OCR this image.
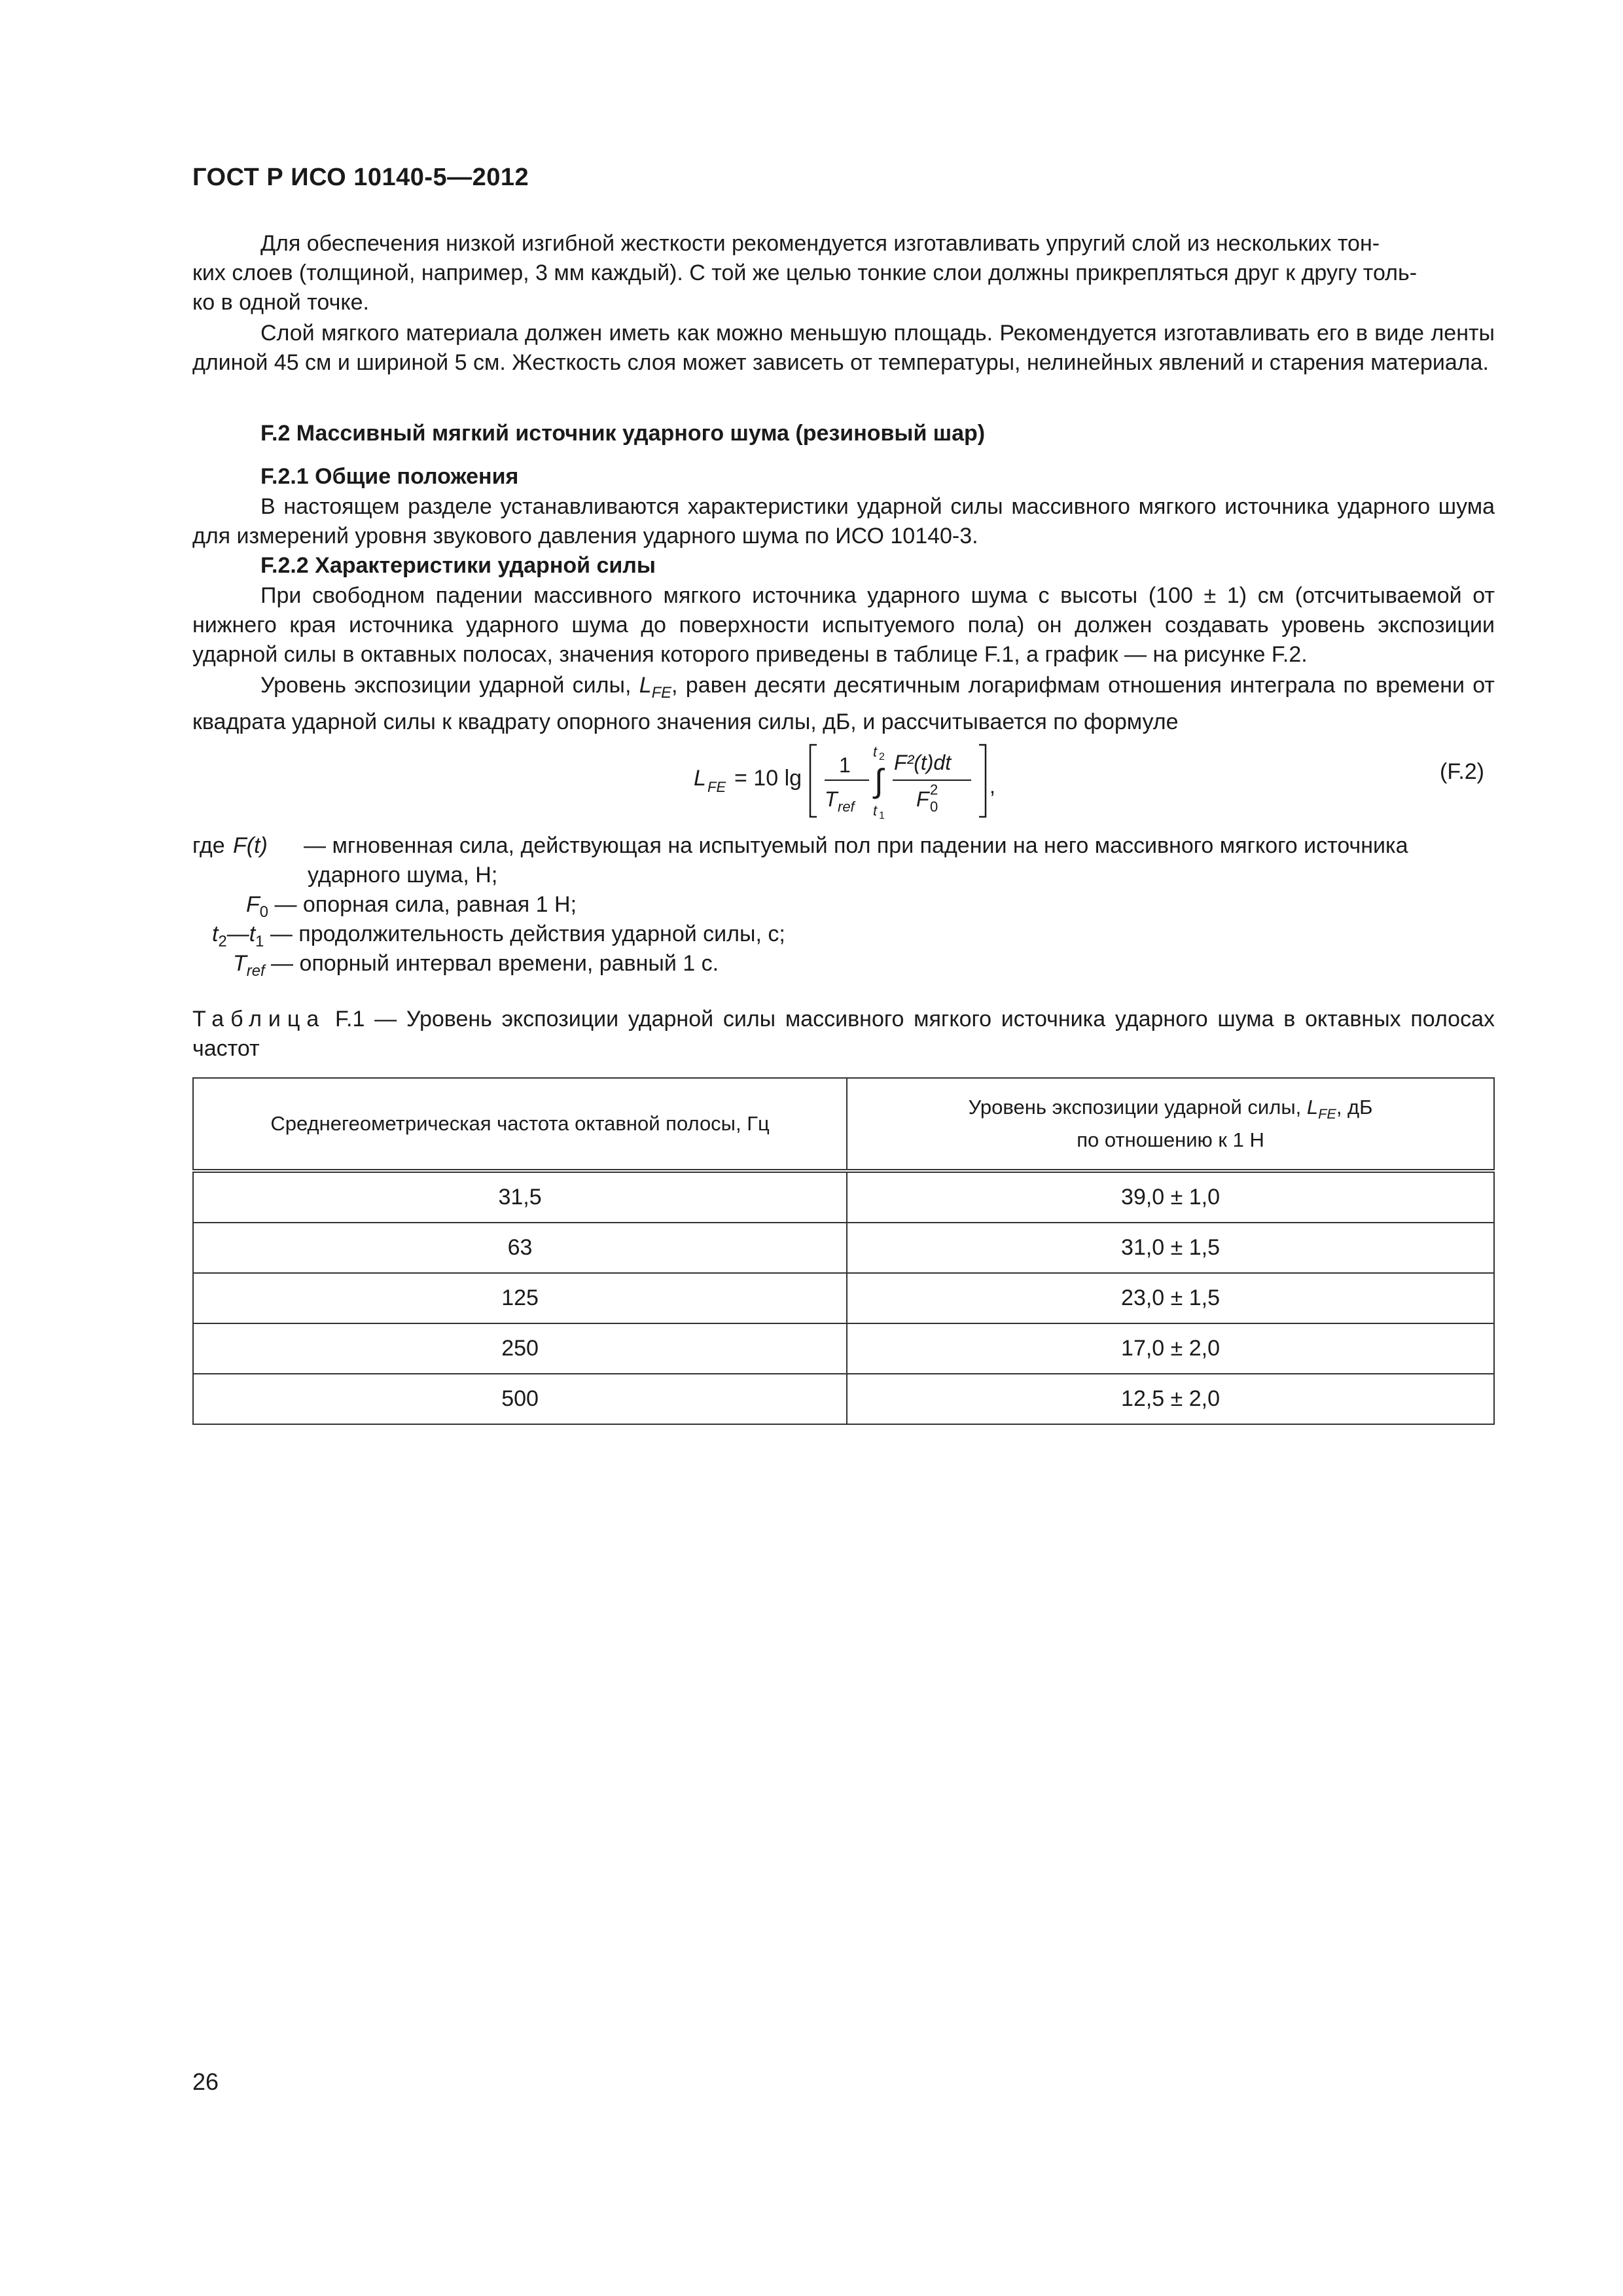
ГОСТ Р ИСО 10140-5—2012
Для обеспечения низкой изгибной жесткости рекомендуется изготавливать упругий слой из нескольких тон-
ких слоев (толщиной, например, 3 мм каждый). С той же целью тонкие слои должны прикрепляться друг к другу толь-
ко в одной точке.
Слой мягкого материала должен иметь как можно меньшую площадь. Рекомендуется изготавливать его в виде ленты длиной 45 см и шириной 5 см. Жесткость слоя может зависеть от температуры, нелинейных явлений и старения материала.
F.2 Массивный мягкий источник ударного шума (резиновый шар)
F.2.1 Общие положения
В настоящем разделе устанавливаются характеристики ударной силы массивного мягкого источника ударного шума для измерений уровня звукового давления ударного шума по ИСО 10140-3.
F.2.2 Характеристики ударной силы
При свободном падении массивного мягкого источника ударного шума с высоты (100 ± 1) см (отсчитываемой от нижнего края источника ударного шума до поверхности испытуемого пола) он должен создавать уровень экспозиции ударной силы в октавных полосах, значения которого приведены в таблице F.1, а график — на рисунке F.2.
Уровень экспозиции ударной силы, $L_{FE}$, равен десяти десятичным логарифмам отношения интеграла по времени от квадрата ударной силы к квадрату опорного значения силы, дБ, и рассчитывается по формуле
L FE = 10 lg
1
T ref
t 2
∫
t 1
F²(t)dt
F 0
2 ,
(F.2)
где F(t) — мгновенная сила, действующая на испытуемый пол при падении на него массивного мягкого источника
ударного шума, Н;
$F_0$ — опорная сила, равная 1 Н;
$t_2—t_1$ — продолжительность действия ударной силы, с;
$T_{ref}$ — опорный интервал времени, равный 1 с.
Таблица F.1 — Уровень экспозиции ударной силы массивного мягкого источника ударного шума в октавных полосах частот
Среднегеометрическая частота октавной полосы, Гц	Уровень экспозиции ударной силы, $L_{FE}$, дБ
по отношению к 1 Н
31,5	39,0 ± 1,0
63	31,0 ± 1,5
125	23,0 ± 1,5
250	17,0 ± 2,0
500	12,5 ± 2,0
26
